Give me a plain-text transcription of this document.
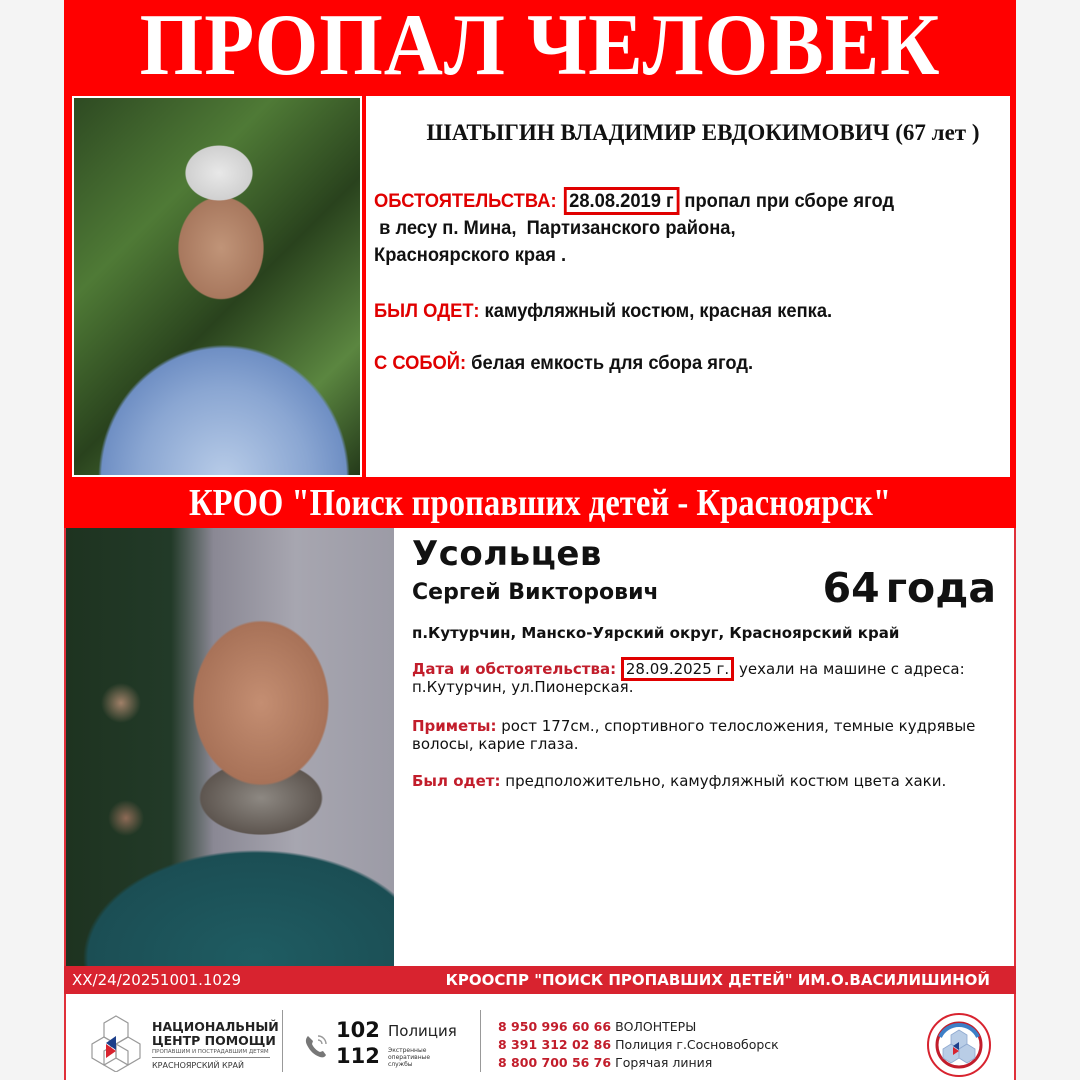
ПРОПАЛ ЧЕЛОВЕК
ШАТЫГИН ВЛАДИМИР ЕВДОКИМОВИЧ (67 лет )
ОБСТОЯТЕЛЬСТВА: 28.08.2019 г пропал при сборе ягод
в лесу п. Мина,  Партизанского района,
Красноярского края .
БЫЛ ОДЕТ: камуфляжный костюм, красная кепка.
С СОБОЙ: белая емкость для сбора ягод.
КРОО "Поиск пропавших детей - Красноярск"
Усольцев
Сергей Викторович	64 года
п.Кутурчин, Манско-Уярский округ, Красноярский край
Дата и обстоятельства: 28.09.2025 г. уехали на машине с адреса: п.Кутурчин, ул.Пионерская.
Приметы: рост 177см., спортивного телосложения, темные кудрявые волосы, карие глаза.
Был одет: предположительно, камуфляжный костюм цвета хаки.
XX/24/20251001.1029	КРООСПР "ПОИСК ПРОПАВШИХ ДЕТЕЙ" ИМ.О.ВАСИЛИШИНОЙ
НАЦИОНАЛЬНЫЙ
ЦЕНТР ПОМОЩИ
ПРОПАВШИМ И ПОСТРАДАВШИМ ДЕТЯМ
КРАСНОЯРСКИЙ КРАЙ
102 Полиция
112 Экстренные оперативные службы
8 950 996 60 66 ВОЛОНТЕРЫ
8 391 312 02 86 Полиция г.Сосновоборск
8 800 700 56 76 Горячая линия
